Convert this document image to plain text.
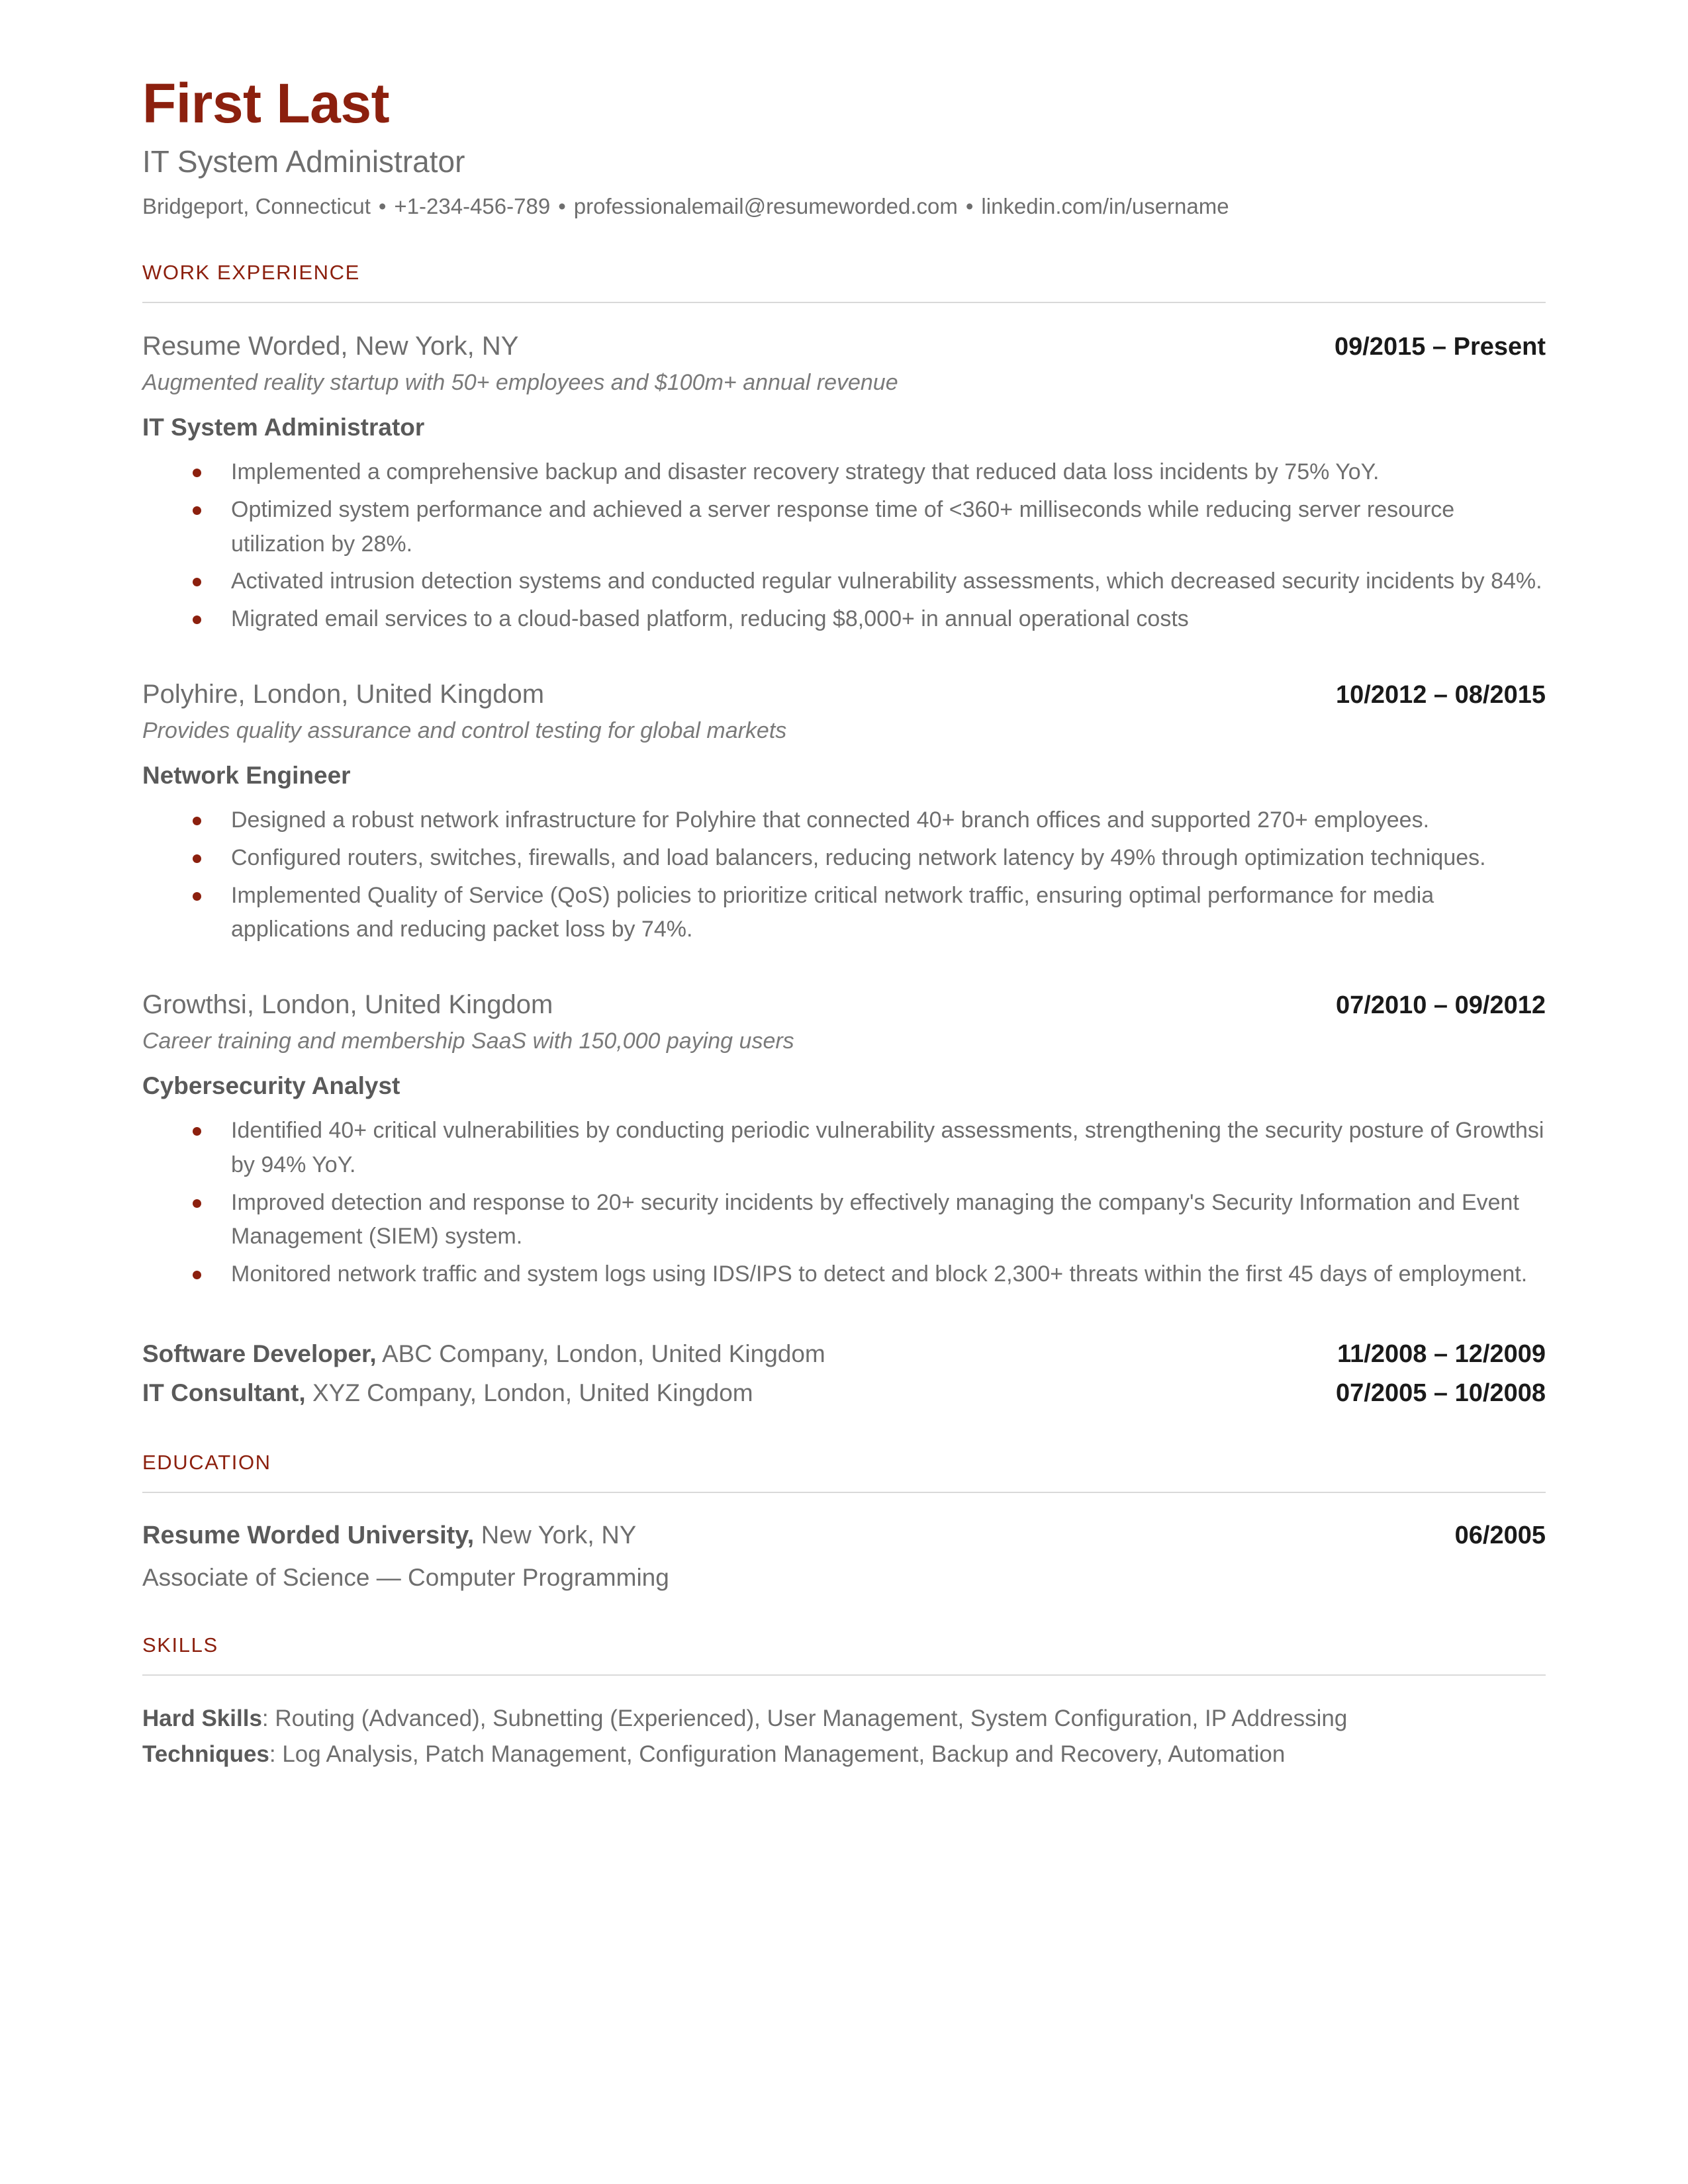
First Last
IT System Administrator
Bridgeport, Connecticut • +1-234-456-789 • professionalemail@resumeworded.com • linkedin.com/in/username
WORK EXPERIENCE
Resume Worded, New York, NY	09/2015 – Present
Augmented reality startup with 50+ employees and $100m+ annual revenue
IT System Administrator
Implemented a comprehensive backup and disaster recovery strategy that reduced data loss incidents by 75% YoY.
Optimized system performance and achieved a server response time of <360+ milliseconds while reducing server resource utilization by 28%.
Activated intrusion detection systems and conducted regular vulnerability assessments, which decreased security incidents by 84%.
Migrated email services to a cloud-based platform, reducing $8,000+ in annual operational costs
Polyhire, London, United Kingdom	10/2012 – 08/2015
Provides quality assurance and control testing for global markets
Network Engineer
Designed a robust network infrastructure for Polyhire that connected 40+ branch offices and supported 270+ employees.
Configured routers, switches, firewalls, and load balancers, reducing network latency by 49% through optimization techniques.
Implemented Quality of Service (QoS) policies to prioritize critical network traffic, ensuring optimal performance for media applications and reducing packet loss by 74%.
Growthsi, London, United Kingdom	07/2010 – 09/2012
Career training and membership SaaS with 150,000 paying users
Cybersecurity Analyst
Identified 40+ critical vulnerabilities by conducting periodic vulnerability assessments, strengthening the security posture of Growthsi by 94% YoY.
Improved detection and response to 20+ security incidents by effectively managing the company's Security Information and Event Management (SIEM) system.
Monitored network traffic and system logs using IDS/IPS to detect and block 2,300+ threats within the first 45 days of employment.
Software Developer, ABC Company, London, United Kingdom	11/2008 – 12/2009
IT Consultant, XYZ Company, London, United Kingdom	07/2005 – 10/2008
EDUCATION
Resume Worded University, New York, NY	06/2005
Associate of Science — Computer Programming
SKILLS
Hard Skills: Routing (Advanced), Subnetting (Experienced), User Management, System Configuration, IP Addressing
Techniques: Log Analysis, Patch Management, Configuration Management, Backup and Recovery, Automation
